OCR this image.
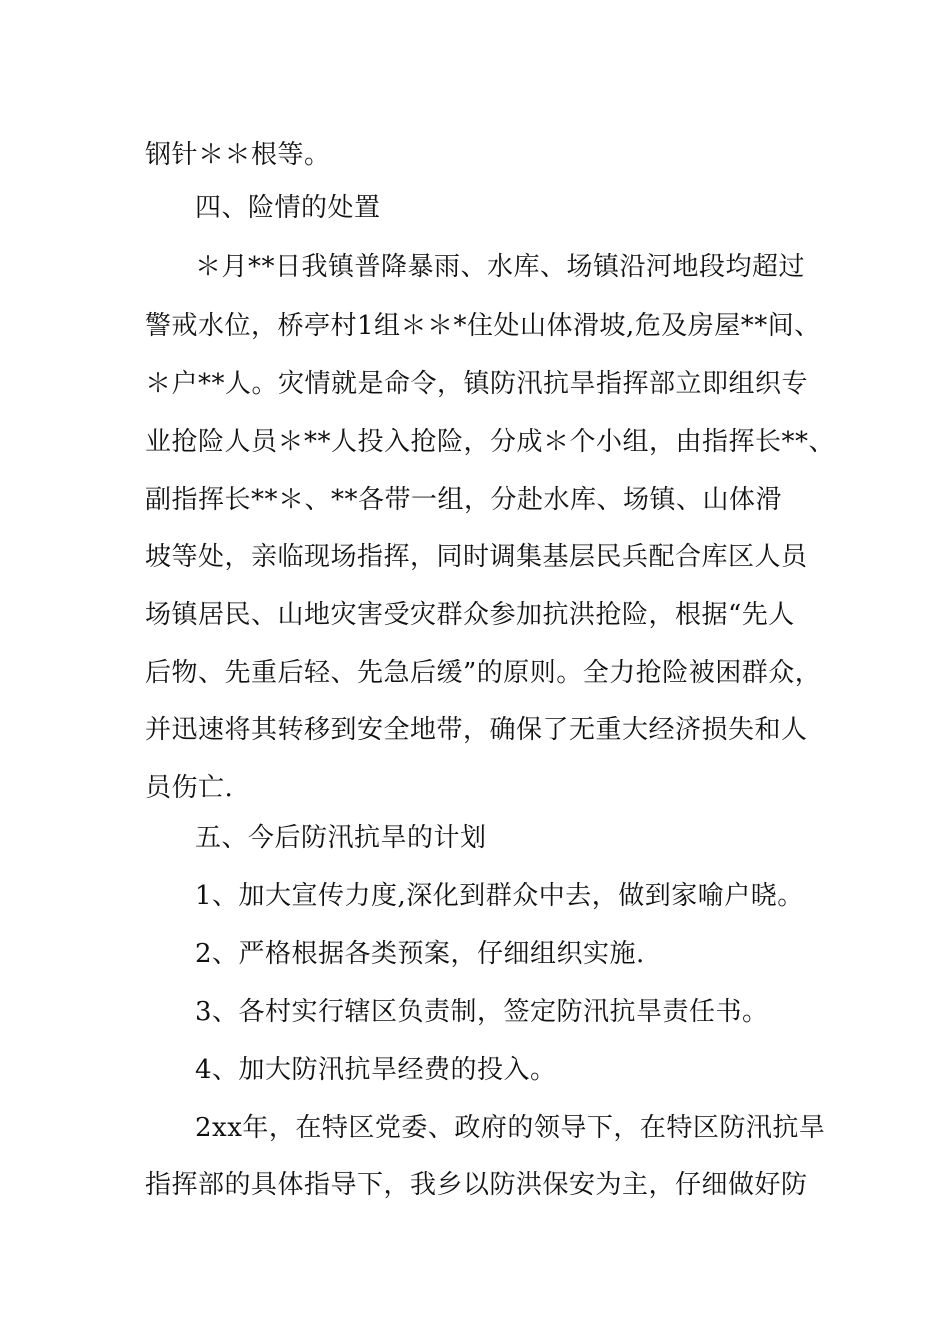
钢针＊＊根等。
四、险情的处置
＊月**日我镇普降暴雨、水库、场镇沿河地段均超过
警戒水位，桥亭村1组＊＊*住处山体滑坡,危及房屋**间、
＊户**人。灾情就是命令，镇防汛抗旱指挥部立即组织专
业抢险人员＊**人投入抢险，分成＊个小组，由指挥长**、
副指挥长**＊、**各带一组，分赴水库、场镇、山体滑
坡等处，亲临现场指挥，同时调集基层民兵配合库区人员
场镇居民、山地灾害受灾群众参加抗洪抢险，根据“先人
后物、先重后轻、先急后缓”的原则。全力抢险被困群众，
并迅速将其转移到安全地带，确保了无重大经济损失和人
员伤亡.
五、今后防汛抗旱的计划
1、加大宣传力度,深化到群众中去，做到家喻户晓。
2、严格根据各类预案，仔细组织实施.
3、各村实行辖区负责制，签定防汛抗旱责任书。
4、加大防汛抗旱经费的投入。
2xx年，在特区党委、政府的领导下，在特区防汛抗旱
指挥部的具体指导下，我乡以防洪保安为主，仔细做好防
